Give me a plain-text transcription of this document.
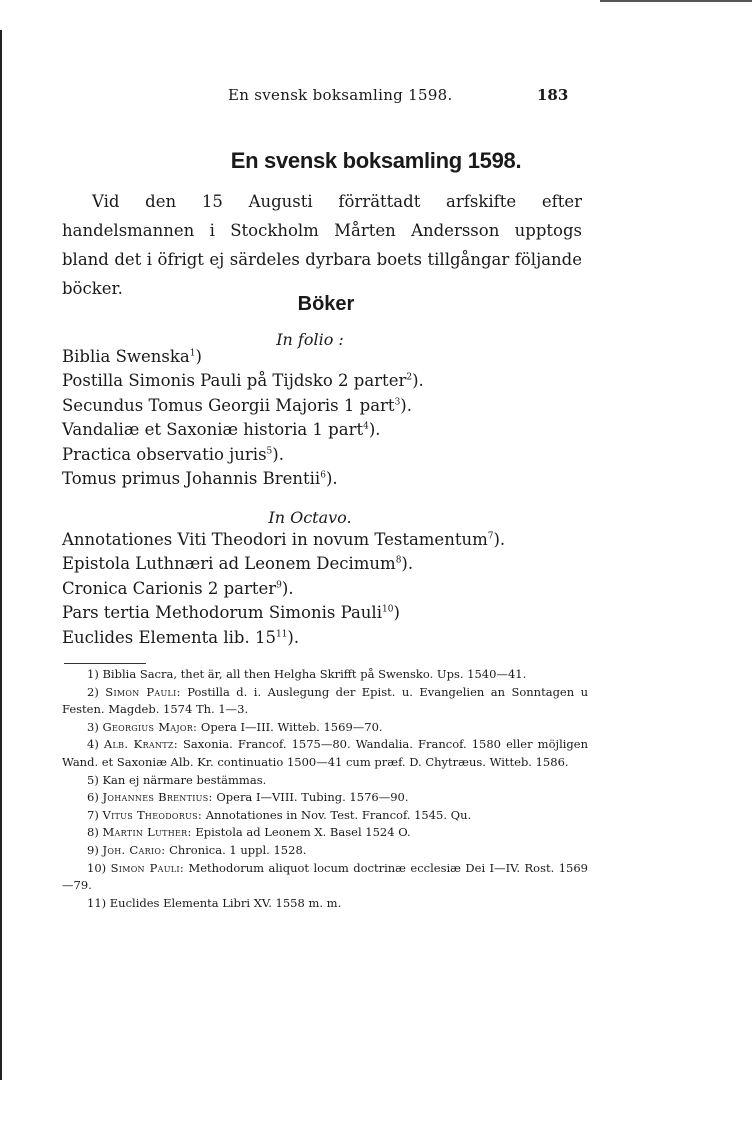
En svensk boksamling 1598.	183
En svensk boksamling 1598.

Vid den 15 Augusti förrättadt arfskifte efter handelsmannen i Stockholm Mårten Andersson upptogs bland det i öfrigt ej särdeles dyrbara boets tillgångar följande böcker.

Böker
In folio :
Biblia Swenska$^1$)
Postilla Simonis Pauli på Tijdsko 2 parter$^2$).
Secundus Tomus Georgii Majoris 1 part$^3$).
Vandaliæ et Saxoniæ historia 1 part$^4$).
Practica observatio juris$^5$).
Tomus primus Johannis Brentii$^6$).
In Octavo.
Annotationes Viti Theodori in novum Testamentum$^7$).
Epistola Luthnæri ad Leonem Decimum$^8$).
Cronica Carionis 2 parter$^9$).
Pars tertia Methodorum Simonis Pauli$^{10}$)
Euclides Elementa lib. $15^{11}$).
1) Biblia Sacra, thet är, all then Helgha Skrifft på Swensko. Ups. 1540—41.
2) Simon Pauli: Postilla d. i. Auslegung der Epist. u. Evangelien an Sonntagen u Festen. Magdeb. 1574 Th. 1—3.
3) Georgius Major: Opera I—III. Witteb. 1569—70.
4) Alb. Krantz: Saxonia. Francof. 1575—80. Wandalia. Francof. 1580 eller möjligen Wand. et Saxoniæ Alb. Kr. continuatio 1500—41 cum præf. D. Chytræus. Witteb. 1586.
5) Kan ej närmare bestämmas.
6) Johannes Brentius: Opera I—VIII. Tubing. 1576—90.
7) Vitus Theodorus: Annotationes in Nov. Test. Francof. 1545. Qu.
8) Martin Luther: Epistola ad Leonem X. Basel 1524 O.
9) Joh. Cario: Chronica. 1 uppl. 1528.
10) Simon Pauli: Methodorum aliquot locum doctrinæ ecclesiæ Dei I—IV. Rost. 1569—79.
11) Euclides Elementa Libri XV. 1558 m. m.
